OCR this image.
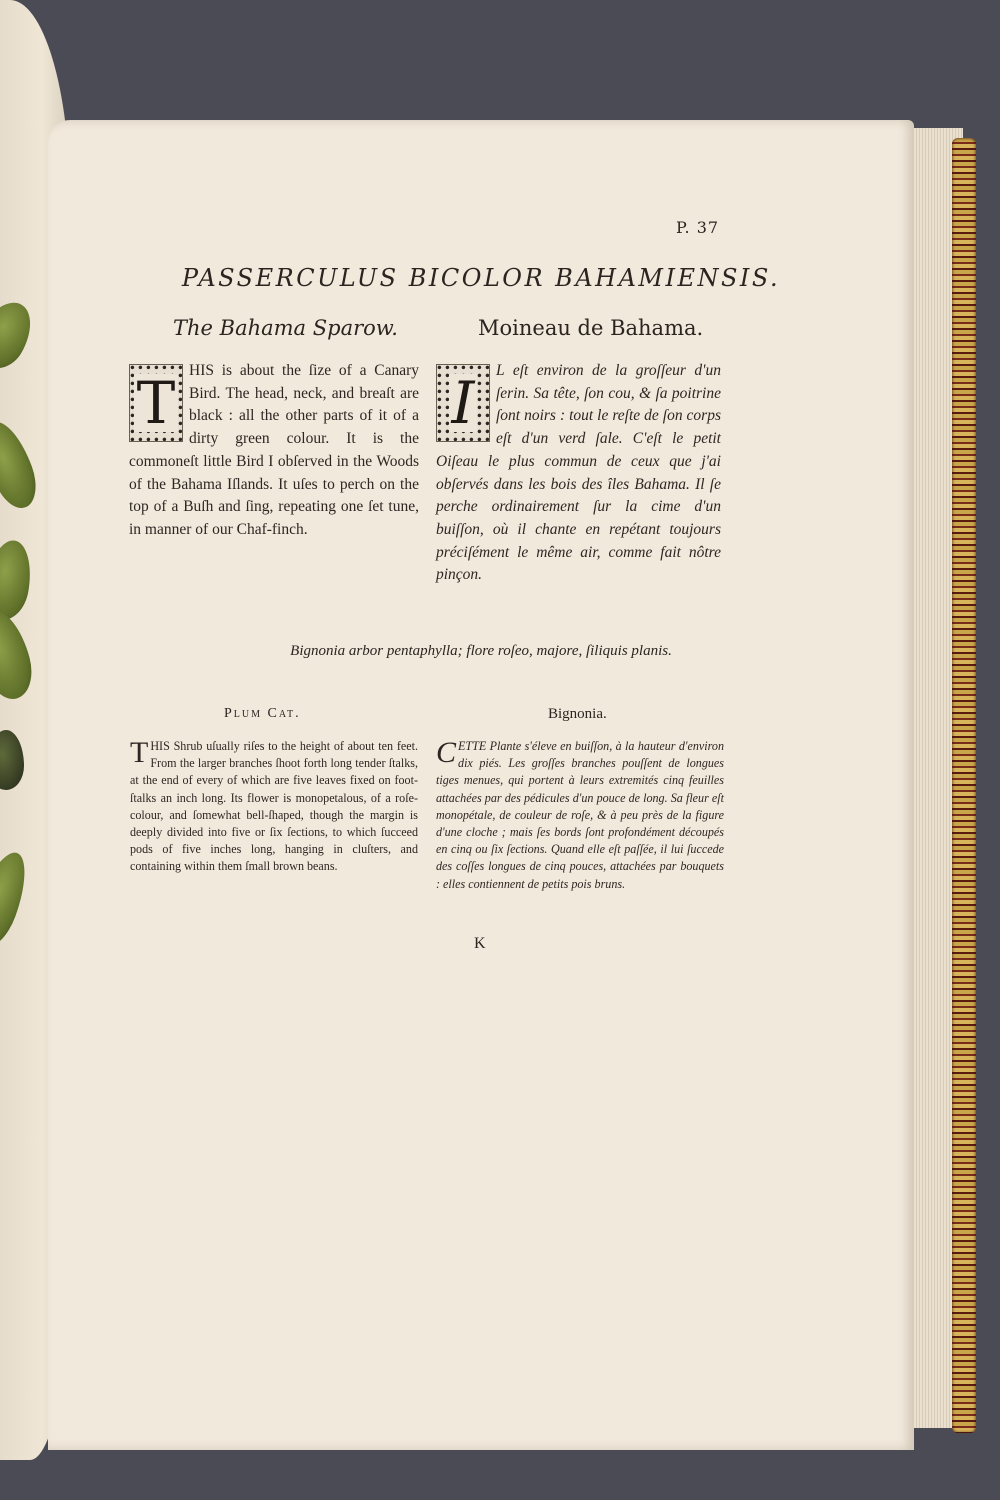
P. 37
PASSERCULUS BICOLOR BAHAMIENSIS.
The Bahama Sparow.	Moineau de Bahama.
T HIS is about the ſize of a Canary Bird. The head, neck, and breaſt are black : all the other parts of it of a dirty green colour. It is the commoneſt little Bird I obſerved in the Woods of the Bahama Iſlands. It uſes to perch on the top of a Buſh and ſing, repeating one ſet tune, in manner of our Chaf-finch.
I L eſt environ de la groſſeur d'un ſerin. Sa tête, ſon cou, & ſa poitrine ſont noirs : tout le reſte de ſon corps eſt d'un verd ſale. C'eſt le petit Oiſeau le plus commun de ceux que j'ai obſervés dans les bois des îles Bahama. Il ſe perche ordinairement ſur la cime d'un buiſſon, où il chante en repétant toujours préciſément le même air, comme fait nôtre pinçon.
Bignonia arbor pentaphylla; flore roſeo, majore, ſiliquis planis.
Plum Cat.	Bignonia.
THIS Shrub uſually riſes to the height of about ten feet. From the larger branches ſhoot forth long tender ſtalks, at the end of every of which are five leaves fixed on foot-ſtalks an inch long. Its flower is monopetalous, of a roſe-colour, and ſomewhat bell-ſhaped, though the margin is deeply divided into five or ſix ſections, to which ſucceed pods of five inches long, hanging in cluſters, and containing within them ſmall brown beans.
CETTE Plante s'éleve en buiſſon, à la hauteur d'environ dix piés. Les groſſes branches pouſſent de longues tiges menues, qui portent à leurs extremités cinq feuilles attachées par des pédicules d'un pouce de long. Sa fleur eſt monopétale, de couleur de roſe, & à peu près de la figure d'une cloche ; mais ſes bords ſont profondément découpés en cinq ou ſix ſections. Quand elle eſt paſſée, il lui ſuccede des coſſes longues de cinq pouces, attachées par bouquets : elles contiennent de petits pois bruns.
K
